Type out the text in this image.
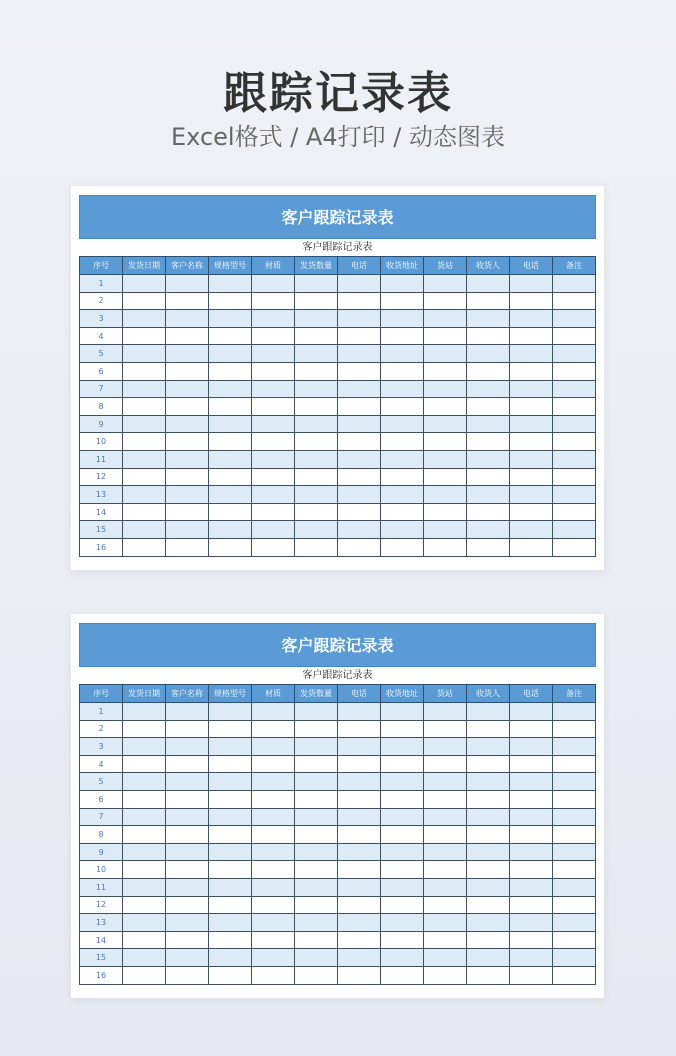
跟踪记录表
Excel格式 / A4打印 / 动态图表
客户跟踪记录表
客户跟踪记录表
序号	发货日期	客户名称	规格型号	材质	发货数量	电话	收货地址	货站	收货人	电话	备注
1											
2											
3											
4											
5											
6											
7											
8											
9											
10											
11											
12											
13											
14											
15											
16											
客户跟踪记录表
客户跟踪记录表
序号	发货日期	客户名称	规格型号	材质	发货数量	电话	收货地址	货站	收货人	电话	备注
1											
2											
3											
4											
5											
6											
7											
8											
9											
10											
11											
12											
13											
14											
15											
16											
